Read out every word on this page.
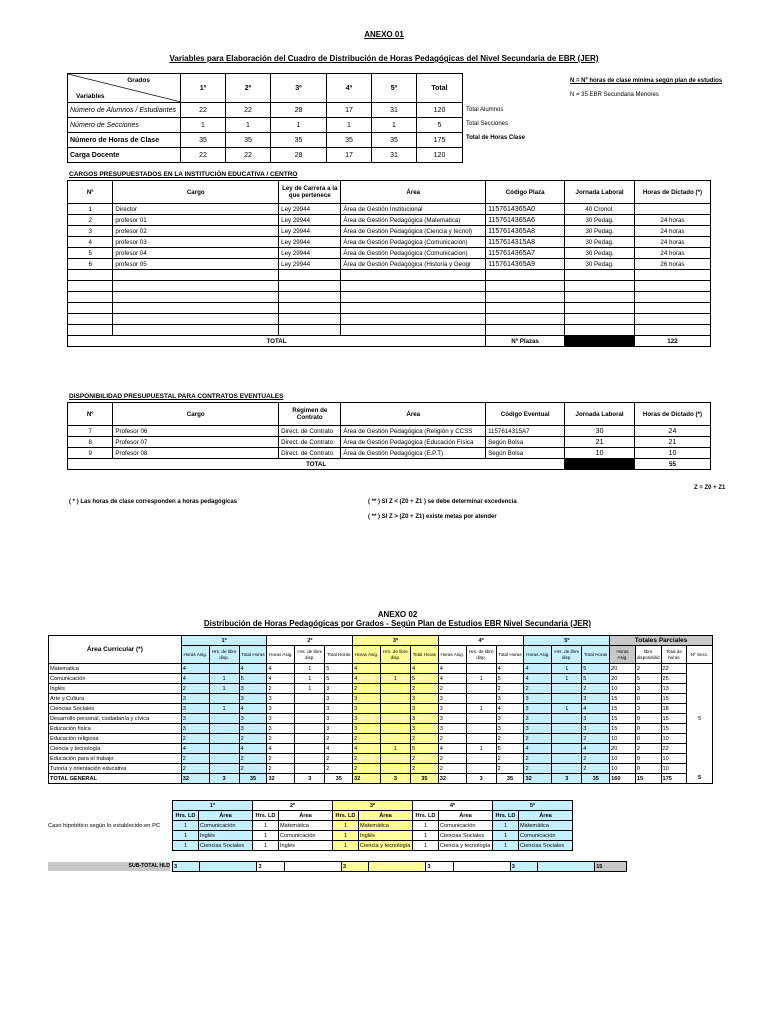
ANEXO 01
Variables para Elaboración del Cuadro de Distribución de Horas Pedagógicas del Nivel Secundaria de EBR (JER)
Grados
Variables	1º	2º	3º	4º	5º	Total
Número de Alumnos / Estudiantes	22	22	28	17	31	120
Número de Secciones	1	1	1	1	1	5
Número de Horas de Clase	35	35	35	35	35	175
Carga Docente	22	22	28	17	31	120
Total Alumnos
Total Secciones
Total de Horas Clase
N = Nº horas de clase mínima según plan de estudios
N = 35 EBR Secundaria Menores
CARGOS PRESUPUESTADOS EN LA INSTITUCIÓN EDUCATIVA / CENTRO
Nº	Cargo	Ley de Carrera a la que pertenece	Área	Código Plaza	Jornada Laboral	Horas de Dictado (*)
1	Director	Ley 29944	Área de Gestión Institucional	1157614365A0	40 Cronol.	
2	profesor 01	Ley 29944	Área de Gestión Pedagógica (Matematica)	1157614365A6	30 Pedag.	24 horas
3	profesor 02	Ley 29944	Área de Gestión Pedagógica (Ciencia y tecnol)	1157614365A8	30 Pedag.	24 horas
4	profesor 03	Ley 29944	Área de Gestión Pedagógica (Comunicación)	1157614315A8	30 Pedag.	24 horas
5	profesor 04	Ley 29944	Área de Gestión Pedagógica (Comunicacion)	1157614365A7	30 Pedag.	24 horas
6	profesor 05	Ley 29944	Área de Gestión Pedagógica (Historia y Geogr	1157614365A9	30 Pedag.	26 horas

TOTAL				Nº Plazas		122
DISPONIBILIDAD PRESUPUESTAL PARA CONTRATOS EVENTUALES
Nº	Cargo	Régimen de Contrato	Área	Código Eventual	Jornada Laboral	Horas de Dictado (*)
7	Profesor 06	Direct. de Contrato	Área de Gestión Pedagógica (Religión y CCSS	1157614315A7	30	24
8	Profesor 07	Direct. de Contrato	Área de Gestión Pedagógica (Educación Física	Según Bolsa	21	21
9	Profesor 08	Direct. de Contrato	Área de Gestión Pedagógica (E.P.T)	Según Bolsa	10	10
TOTAL						55
Z = Z0 + Z1
( * ) Las horas de clase corresponden a horas pedagógicas	( ** ) SI Z < (Z0 + Z1 ) se debe determinar excedencia
( ** ) SI Z > (Z0 + Z1) existe metas por atender
ANEXO 02
Distribución de Horas Pedagógicas por Grados - Según Plan de Estudios EBR Nivel Secundaria (JER)
Área Curricular (*)	1º			2º			3º			4º			5º			Totales Parciales			
	Horas Asig.	Hrs. de libre disp.	Total Horas	Horas Asig.	Hrs. de libre disp.	Total Horas	Horas Asig.	Hrs. de libre disp.	Total Horas	Horas Asig.	Hrs. de libre disp.	Total Horas	Horas Asig.	Hrs. de libre disp.	Total Horas	Horas Asig.	libre disponibilid	Total de horas	Nº Secc.
Matematica	4		4	4	1	5	4		4	4		4	4	1	5	20	2	22	
Comunicación	4	1	5	4	1	5	4	1	5	4	1	5	4	1	5	20	5	25	
Inglés	2	1	3	2	1	3	2		2	2		2	2		2	10	3	13	
Arte y Cultura	3		3	3		3	3		3	3		3	3		3	15	0	15	
Ciencias Sociales	3	1	4	3		3	3		3	3	1	4	3	1	4	15	3	18	
Desarrollo personal, ciudadanía y cívica	3		3	3		3	3		3	3		3	3		3	15	0	15	5
Educación física	3		3	3		3	3		3	3		3	3		3	15	0	15	
Educación religiosa	2		2	2		2	2		2	2		2	2		2	10	0	10	
Ciencia y tecnología	4		4	4		4	4	1	5	4	1	5	4		4	20	2	22	
Educación para el trabajo	2		2	2		2	2		2	2		2	2		2	10	0	10	
Tutoría y orientación educativa	2		2	2		2	2		2	2		2	2		2	10	0	10	
TOTAL GENERAL	32	3	35	32	3	35	32	3	35	32	3	35	32	3	35	160	15	175	5
Caso hipotético según lo establecido en PC
1º		2º		3º		4º		5º	
Hrs. LD	Área	Hrs. LD	Área	Hrs. LD	Área	Hrs. LD	Área	Hrs. LD	Área
1	Comunicación	1	Matemática	1	Matemática	1	Comunicación	1	Matemática
1	Inglés	1	Comunicación	1	Inglés	1	Ciencias Sociales	1	Comunicación
1	Ciencias Sociales	1	Inglés	1	Ciencia y tecnología	1	Ciencia y tecnología	1	Ciencias Sociales
SUB-TOTAL HLD 3		3		3		3		3		15
